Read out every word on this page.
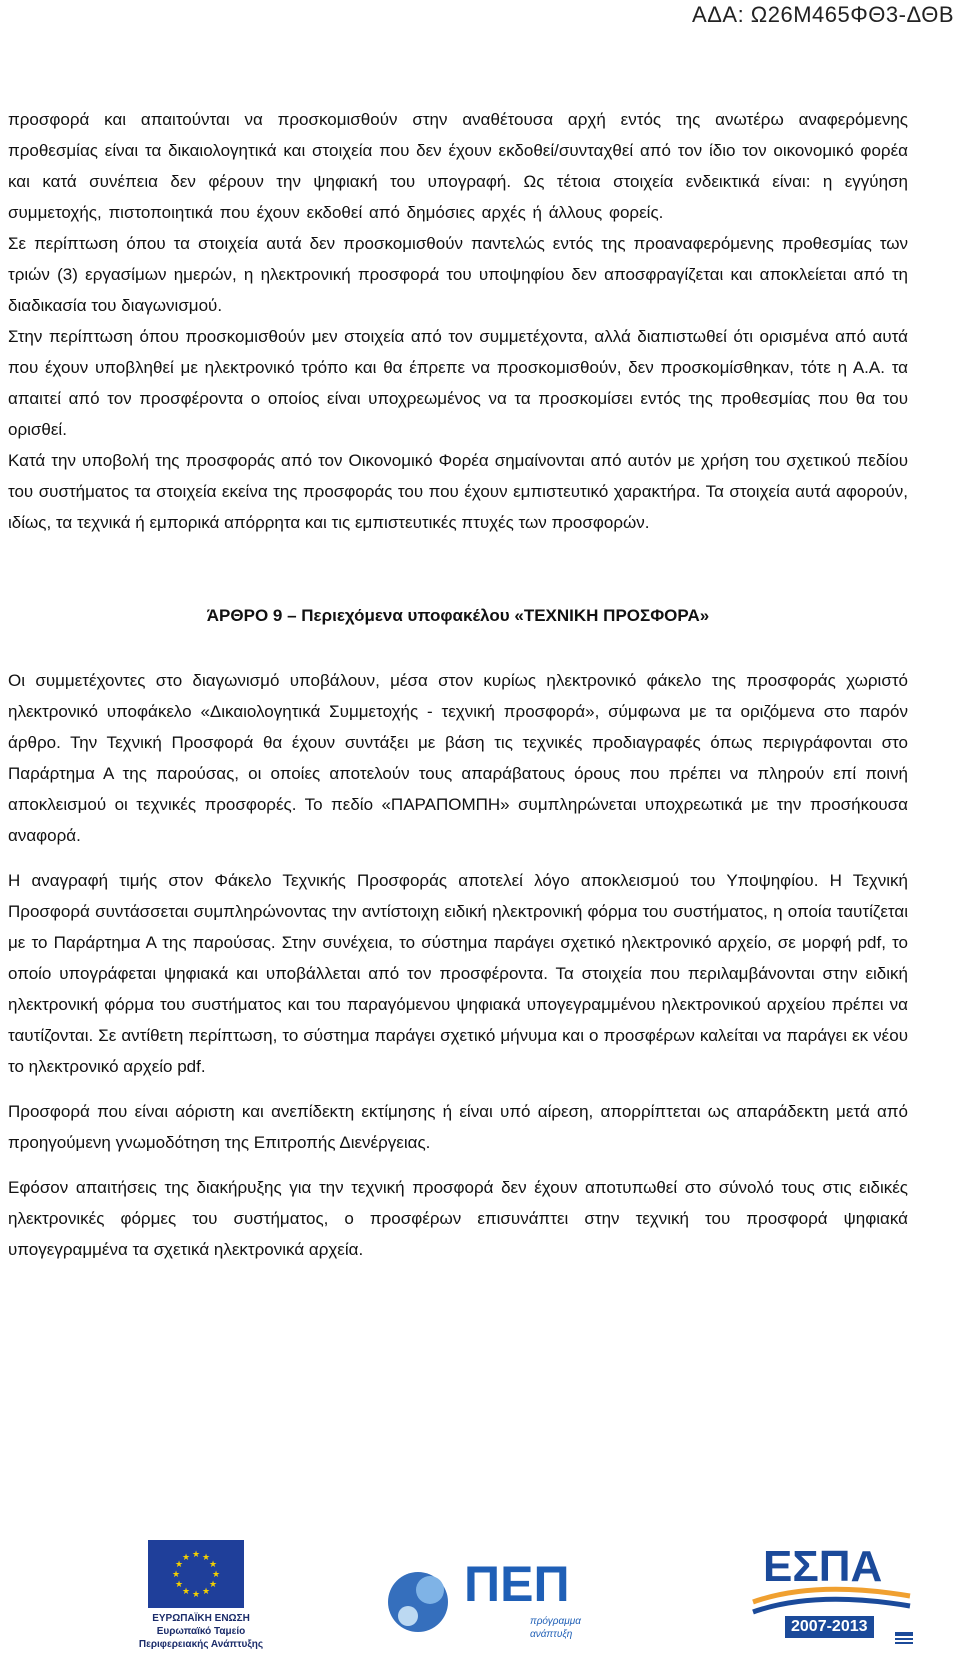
ΑΔΑ: Ω26Μ465ΦΘ3-ΔΘΒ

προσφορά και απαιτούνται να προσκομισθούν στην αναθέτουσα αρχή εντός της ανωτέρω αναφερόμενης προθεσμίας είναι τα δικαιολογητικά και στοιχεία που δεν έχουν εκδοθεί/συνταχθεί από τον ίδιο τον οικονομικό φορέα και κατά συνέπεια δεν φέρουν την ψηφιακή του υπογραφή. Ως τέτοια στοιχεία ενδεικτικά είναι: η εγγύηση συμμετοχής, πιστοποιητικά που έχουν εκδοθεί από δημόσιες αρχές ή άλλους φορείς.

Σε περίπτωση όπου τα στοιχεία αυτά δεν προσκομισθούν παντελώς εντός της προαναφερόμενης προθεσμίας των τριών (3) εργασίμων ημερών, η ηλεκτρονική προσφορά του υποψηφίου δεν αποσφραγίζεται και αποκλείεται από τη διαδικασία του διαγωνισμού.

Στην περίπτωση όπου προσκομισθούν μεν στοιχεία από τον συμμετέχοντα, αλλά διαπιστωθεί ότι ορισμένα από αυτά που έχουν υποβληθεί με ηλεκτρονικό τρόπο και θα έπρεπε να προσκομισθούν, δεν προσκομίσθηκαν, τότε η Α.Α. τα απαιτεί από τον προσφέροντα ο οποίος είναι υποχρεωμένος να τα προσκομίσει εντός της προθεσμίας που θα του ορισθεί.

Κατά την υποβολή της προσφοράς από τον Οικονομικό Φορέα σημαίνονται από αυτόν με χρήση του σχετικού πεδίου του συστήματος τα στοιχεία εκείνα της προσφοράς του που έχουν εμπιστευτικό χαρακτήρα. Τα στοιχεία αυτά αφορούν, ιδίως, τα τεχνικά ή εμπορικά απόρρητα και τις εμπιστευτικές πτυχές των προσφορών.

ΆΡΘΡΟ 9 – Περιεχόμενα υποφακέλου «ΤΕΧΝΙΚΗ ΠΡΟΣΦΟΡΑ»

Οι συμμετέχοντες στο διαγωνισμό υποβάλουν, μέσα στον κυρίως ηλεκτρονικό φάκελο της προσφοράς χωριστό ηλεκτρονικό υποφάκελο «Δικαιολογητικά Συμμετοχής - τεχνική προσφορά», σύμφωνα με τα οριζόμενα στο παρόν άρθρο. Την Τεχνική Προσφορά θα έχουν συντάξει με βάση τις τεχνικές προδιαγραφές όπως περιγράφονται στο Παράρτημα Α της παρούσας, οι οποίες αποτελούν τους απαράβατους όρους που πρέπει να πληρούν επί ποινή αποκλεισμού οι τεχνικές προσφορές. Το πεδίο «ΠΑΡΑΠΟΜΠΗ» συμπληρώνεται υποχρεωτικά με την προσήκουσα αναφορά.

Η αναγραφή τιμής στον Φάκελο Τεχνικής Προσφοράς αποτελεί λόγο αποκλεισμού του Υποψηφίου. Η Τεχνική Προσφορά συντάσσεται συμπληρώνοντας την αντίστοιχη ειδική ηλεκτρονική φόρμα του συστήματος, η οποία ταυτίζεται με το Παράρτημα Α της παρούσας. Στην συνέχεια, το σύστημα παράγει σχετικό ηλεκτρονικό αρχείο, σε μορφή pdf, το οποίο υπογράφεται ψηφιακά και υποβάλλεται από τον προσφέροντα. Τα στοιχεία που περιλαμβάνονται στην ειδική ηλεκτρονική φόρμα του συστήματος και του παραγόμενου ψηφιακά υπογεγραμμένου ηλεκτρονικού αρχείου πρέπει να ταυτίζονται. Σε αντίθετη περίπτωση, το σύστημα παράγει σχετικό μήνυμα και ο προσφέρων καλείται να παράγει εκ νέου το ηλεκτρονικό αρχείο pdf.

Προσφορά που είναι αόριστη και ανεπίδεκτη εκτίμησης ή είναι υπό αίρεση, απορρίπτεται ως απαράδεκτη μετά από προηγούμενη γνωμοδότηση της Επιτροπής Διενέργειας.

Εφόσον απαιτήσεις της διακήρυξης για την τεχνική προσφορά δεν έχουν αποτυπωθεί στο σύνολό τους στις ειδικές ηλεκτρονικές φόρμες του συστήματος, ο προσφέρων επισυνάπτει στην τεχνική του προσφορά ψηφιακά υπογεγραμμένα τα σχετικά ηλεκτρονικά αρχεία.

★ ★
★
★
★
★
★
★
★
★
★
★
ΕΥΡΩΠΑΪΚΗ ΕΝΩΣΗ
Ευρωπαϊκό Ταμείο
Περιφερειακής Ανάπτυξης
ΠΕΠ
πρόγραμμα
ανάπτυξη
ΕΣΠΑ
2007-2013
